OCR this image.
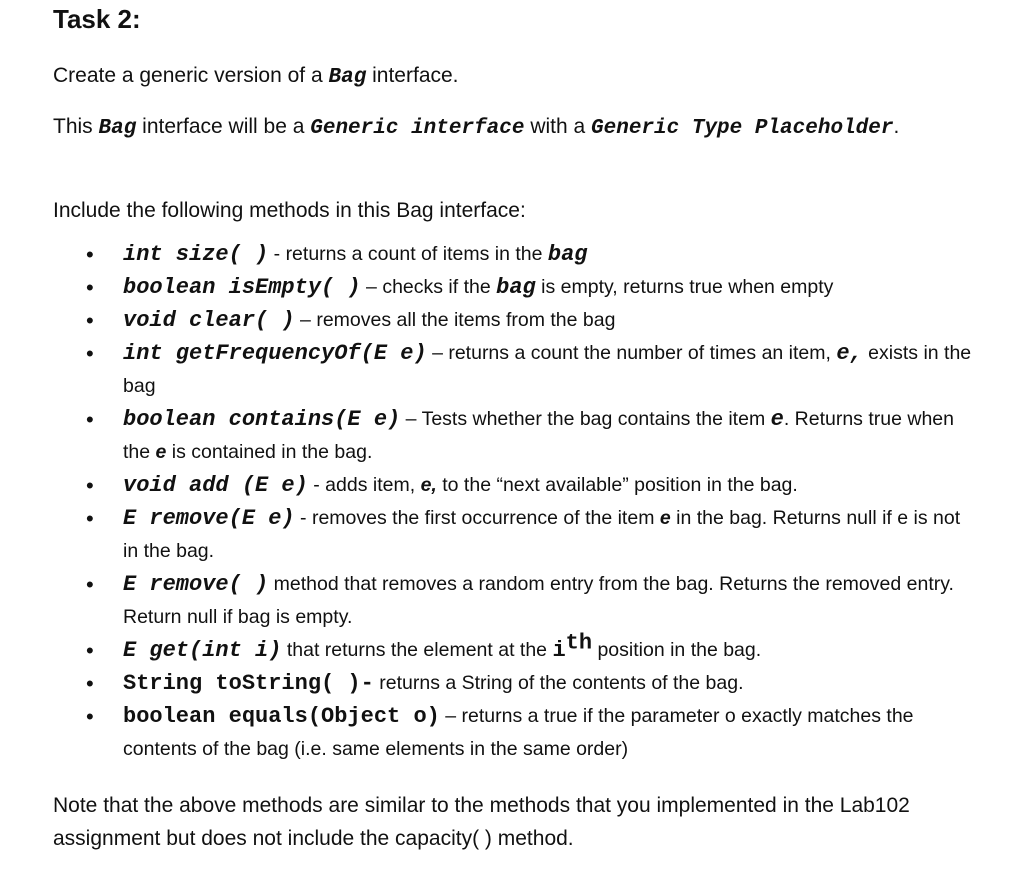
Task 2:
Create a generic version of a Bag interface.
This Bag interface will be a Generic interface with a Generic Type Placeholder.
Include the following methods in this Bag interface:
• int size( ) - returns a count of items in the bag
• boolean isEmpty( ) – checks if the bag is empty, returns true when empty
• void clear( ) – removes all the items from the bag
• int getFrequencyOf(E e) – returns a count the number of times an item, e, exists in the bag
• boolean contains(E e) – Tests whether the bag contains the item e. Returns true when the e is contained in the bag.
• void add (E e) - adds item, e, to the “next available” position in the bag.
• E remove(E e) - removes the first occurrence of the item e in the bag. Returns null if e is not in the bag.
• E remove( ) method that removes a random entry from the bag. Returns the removed entry. Return null if bag is empty.
• E get(int i) that returns the element at the $i^{th}$ position in the bag.
• String toString( )- returns a String of the contents of the bag.
• boolean equals(Object o) – returns a true if the parameter o exactly matches the contents of the bag (i.e. same elements in the same order)
Note that the above methods are similar to the methods that you implemented in the Lab102 assignment but does not include the capacity( ) method.
